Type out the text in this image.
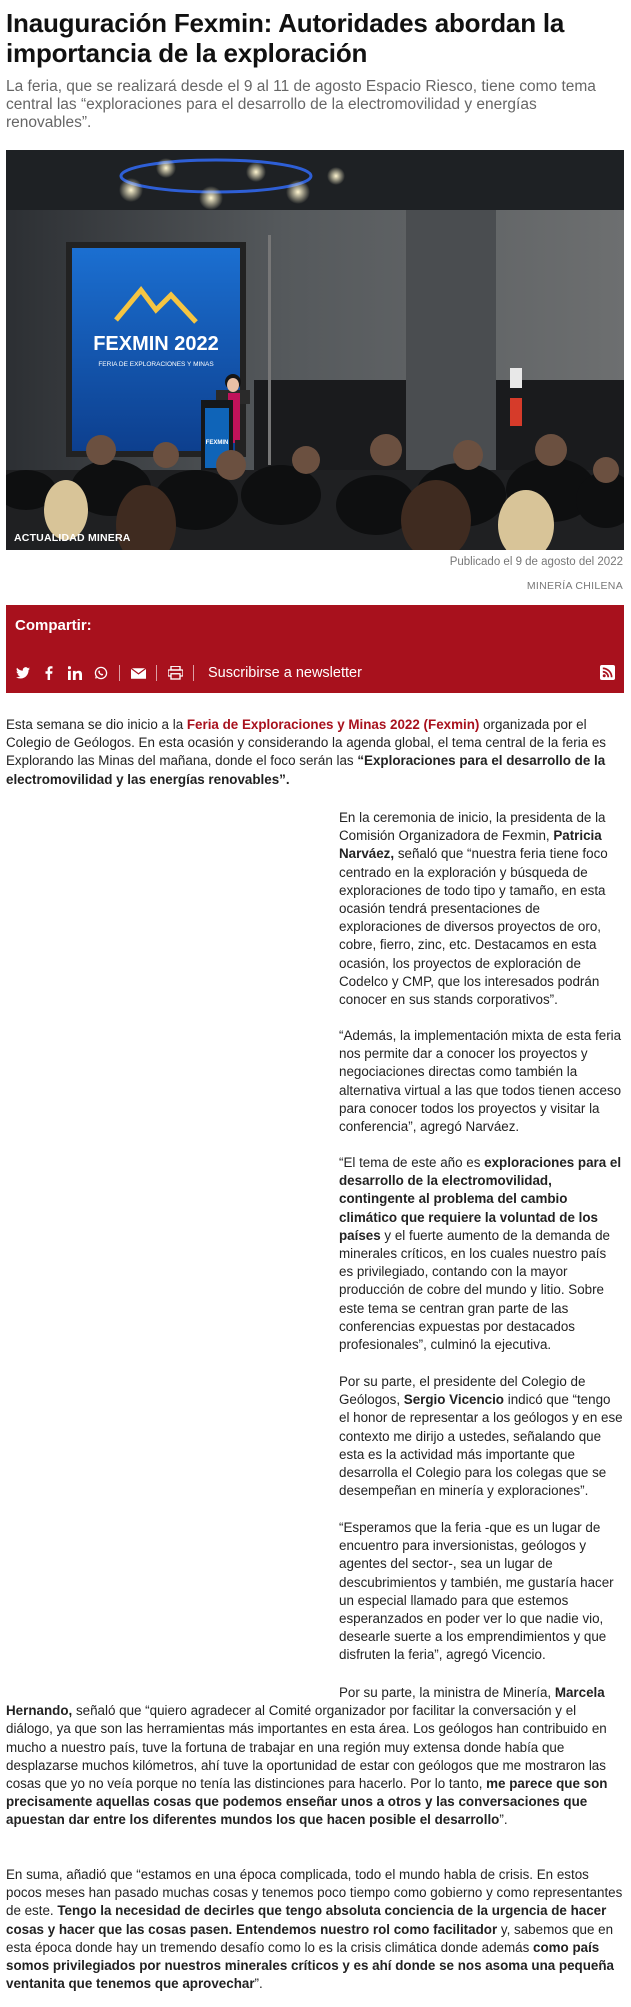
Inauguración Fexmin: Autoridades abordan la importancia de la exploración

La feria, que se realizará desde el 9 al 11 de agosto Espacio Riesco, tiene como tema central las “exploraciones para el desarrollo de la electromovilidad y energías renovables”.

FEXMIN 2022
FERIA DE EXPLORACIONES Y MINAS
FEXMIN
ACTUALIDAD MINERA
Publicado el 9 de agosto del 2022
MINERÍA CHILENA
Compartir:
Suscribirse a newsletter

Esta semana se dio inicio a la Feria de Exploraciones y Minas 2022 (Fexmin) organizada por el Colegio de Geólogos. En esta ocasión y considerando la agenda global, el tema central de la feria es Explorando las Minas del mañana, donde el foco serán las “Exploraciones para el desarrollo de la electromovilidad y las energías renovables”.

En la ceremonia de inicio, la presidenta de la Comisión Organizadora de Fexmin, Patricia Narváez, señaló que “nuestra feria tiene foco centrado en la exploración y búsqueda de exploraciones de todo tipo y tamaño, en esta ocasión tendrá presentaciones de exploraciones de diversos proyectos de oro, cobre, fierro, zinc, etc. Destacamos en esta ocasión, los proyectos de exploración de Codelco y CMP, que los interesados podrán conocer en sus stands corporativos”.

“Además, la implementación mixta de esta feria nos permite dar a conocer los proyectos y negociaciones directas como también la alternativa virtual a las que todos tienen acceso para conocer todos los proyectos y visitar la conferencia”, agregó Narváez.

“El tema de este año es exploraciones para el desarrollo de la electromovilidad, contingente al problema del cambio climático que requiere la voluntad de los países y el fuerte aumento de la demanda de minerales críticos, en los cuales nuestro país es privilegiado, contando con la mayor producción de cobre del mundo y litio. Sobre este tema se centran gran parte de las conferencias expuestas por destacados profesionales”, culminó la ejecutiva.

Por su parte, el presidente del Colegio de Geólogos, Sergio Vicencio indicó que “tengo el honor de representar a los geólogos y en ese contexto me dirijo a ustedes, señalando que esta es la actividad más importante que desarrolla el Colegio para los colegas que se desempeñan en minería y exploraciones”.

“Esperamos que la feria -que es un lugar de encuentro para inversionistas, geólogos y agentes del sector-, sea un lugar de descubrimientos y también, me gustaría hacer un especial llamado para que estemos esperanzados en poder ver lo que nadie vio, desearle suerte a los emprendimientos y que disfruten la feria”, agregó Vicencio.

Por su parte, la ministra de Minería, Marcela Hernando, señaló que “quiero agradecer al Comité organizador por facilitar la conversación y el diálogo, ya que son las herramientas más importantes en esta área. Los geólogos han contribuido en mucho a nuestro país, tuve la fortuna de trabajar en una región muy extensa donde había que desplazarse muchos kilómetros, ahí tuve la oportunidad de estar con geólogos que me mostraron las cosas que yo no veía porque no tenía las distinciones para hacerlo. Por lo tanto, me parece que son precisamente aquellas cosas que podemos enseñar unos a otros y las conversaciones que apuestan dar entre los diferentes mundos los que hacen posible el desarrollo”.

En suma, añadió que “estamos en una época complicada, todo el mundo habla de crisis. En estos pocos meses han pasado muchas cosas y tenemos poco tiempo como gobierno y como representantes de este. Tengo la necesidad de decirles que tengo absoluta conciencia de la urgencia de hacer cosas y hacer que las cosas pasen. Entendemos nuestro rol como facilitador y, sabemos que en esta época donde hay un tremendo desafío como lo es la crisis climática donde además como país somos privilegiados por nuestros minerales críticos y es ahí donde se nos asoma una pequeña ventanita que tenemos que aprovechar”.
